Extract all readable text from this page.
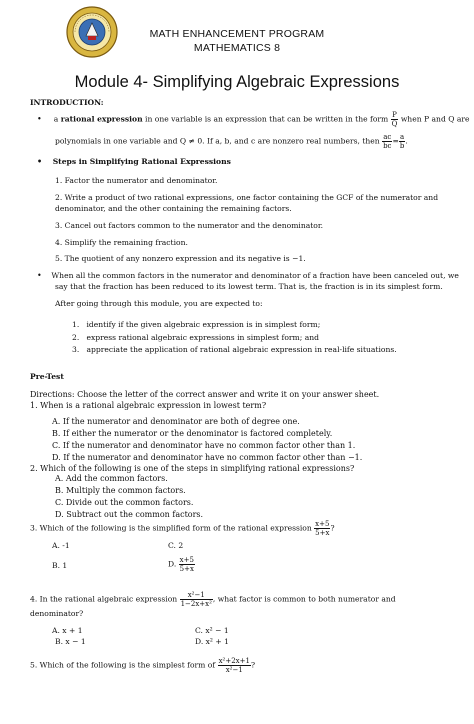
MATH ENHANCEMENT PROGRAM
MATHEMATICS 8
Module 4- Simplifying Algebraic Expressions
INTRODUCTION:
• a rational expression in one variable is an expression that can be written in the form $\frac{P}{Q}$ when P and Q are
polynomials in one variable and Q ≠ 0. If a, b, and c are nonzero real numbers, then $\frac{ac}{bc} = \frac{a}{b}$ .
• Steps in Simplifying Rational Expressions
1. Factor the numerator and denominator.
2. Write a product of two rational expressions, one factor containing the GCF of the numerator and
denominator, and the other containing the remaining factors.
3. Cancel out factors common to the numerator and the denominator.
4. Simplify the remaining fraction.
5. The quotient of any nonzero expression and its negative is −1.
• When all the common factors in the numerator and denominator of a fraction have been canceled out, we
say that the fraction has been reduced to its lowest term. That is, the fraction is in its simplest form.
After going through this module, you are expected to:
1.   identify if the given algebraic expression is in simplest form;
2.   express rational algebraic expressions in simplest form; and
3.   appreciate the application of rational algebraic expression in real-life situations.
Pre-Test
Directions: Choose the letter of the correct answer and write it on your answer sheet.
1. When is a rational algebraic expression in lowest term?
A. If the numerator and denominator are both of degree one.
B. If either the numerator or the denominator is factored completely.
C. If the numerator and denominator have no common factor other than 1.
D. If the numerator and denominator have no common factor other than −1.
2. Which of the following is one of the steps in simplifying rational expressions?
A. Add the common factors.
B. Multiply the common factors.
C. Divide out the common factors.
D. Subtract out the common factors.
3. Which of the following is the simplified form of the rational expression $\frac{x+5}{5+x}$ ?
A. -1	C. 2
B. 1	D. $\frac{x+5}{5+x}$
4. In the rational algebraic expression $\frac{\text{x²−1}}{\text{1−2x+x²}}$ , what factor is common to both numerator and
denominator?
A. x + 1	C. x² − 1
B. x − 1	D. x² + 1
5. Which of the following is the simplest form of $\frac{\text{x²+2x+1}}{\text{x²−1}}$ ?
